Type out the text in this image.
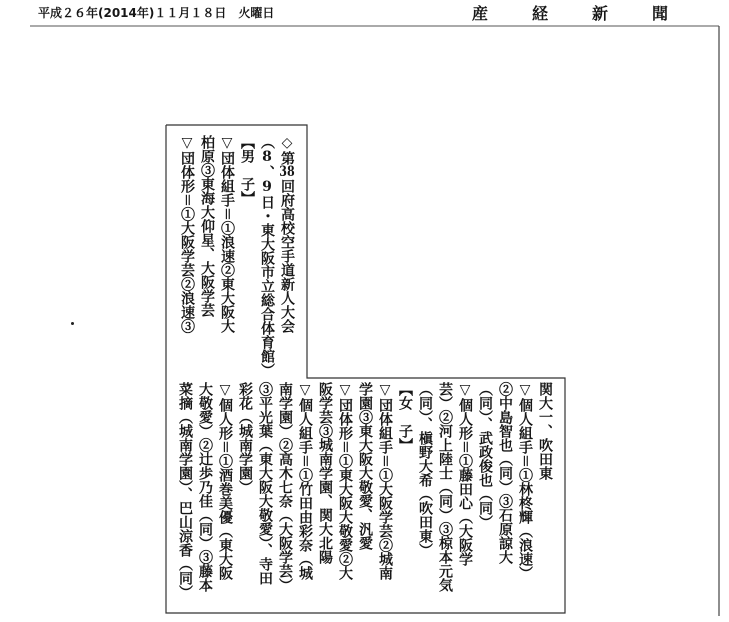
平成２６年(2014年)１１月１８日　火曜日	産　経　新　聞
◇第38回府高校空手道新人大会
（8、9日・東大阪市立総合体育館）
【男　子】
▽団体組手＝①浪速②東大阪大
柏原③東海大仰星、大阪学芸
▽団体形＝①大阪学芸②浪速③
関大一、吹田東
▽個人組手＝①林柊輝（浪速）
②中島智也（同）③石原諒大
（同）、武政俊也（同）
▽個人形＝①藤田心（大阪学
芸）②河上陸士（同）③椋本元気
（同）、槇野大希（吹田東）
【女　子】
▽団体組手＝①大阪学芸②城南
学園③東大阪大敬愛、汎愛
▽団体形＝①東大阪大敬愛②大
阪学芸③城南学園、関大北陽
▽個人組手＝①竹田由彩奈（城
南学園）②高木七奈（大阪学芸）
③平光葉（東大阪大敬愛）、寺田
彩花（城南学園）
▽個人形＝①酒巻美優（東大阪
大敬愛）②辻歩乃佳（同）③藤本
菜摘（城南学園）、巴山涼香（同）
